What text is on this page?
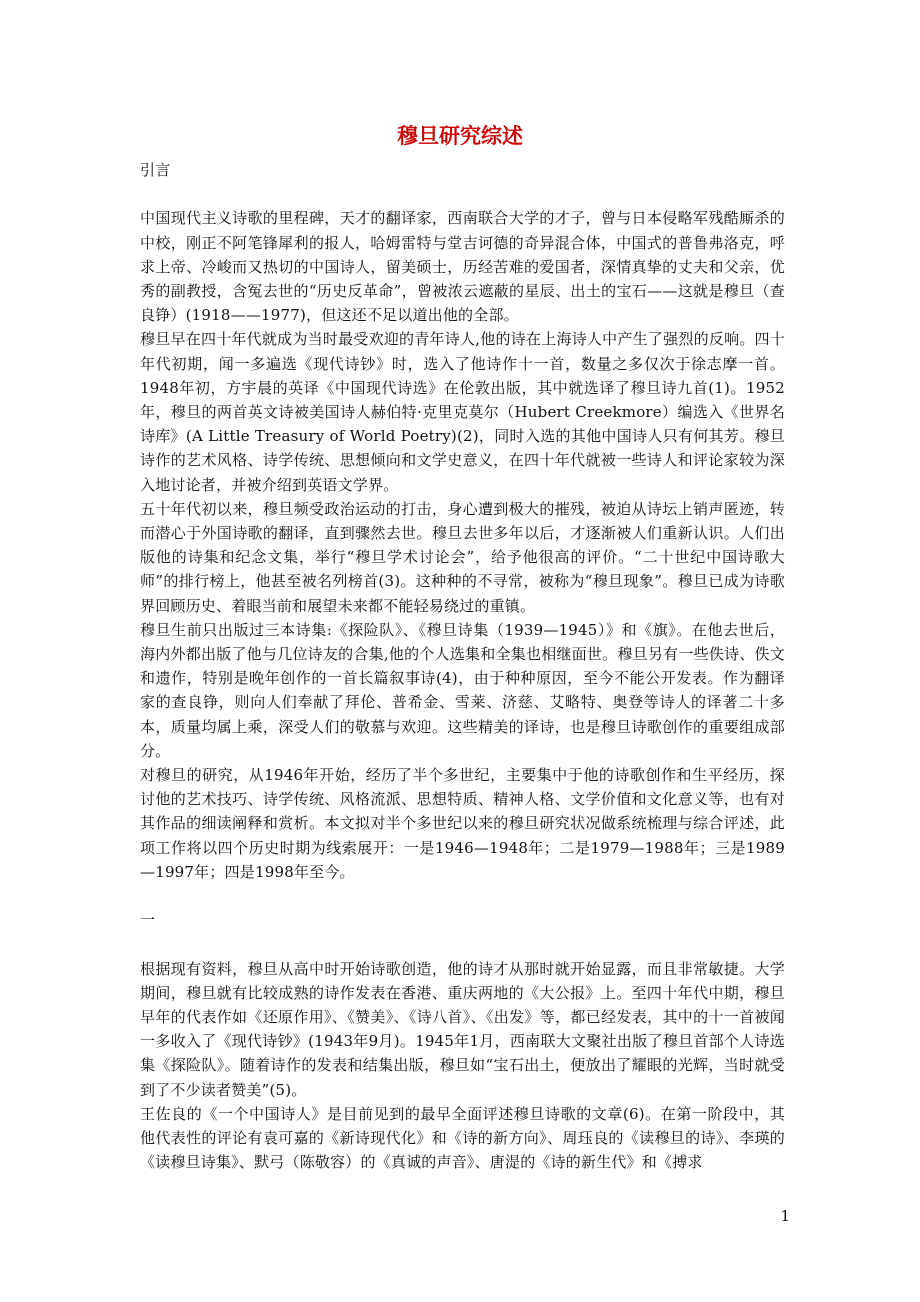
穆旦研究综述

引言

中国现代主义诗歌的里程碑，天才的翻译家，西南联合大学的才子，曾与日本侵略军残酷厮杀的中校，刚正不阿笔锋犀利的报人，哈姆雷特与堂吉诃德的奇异混合体，中国式的普鲁弗洛克，呼求上帝、冷峻而又热切的中国诗人，留美硕士，历经苦难的爱国者，深情真挚的丈夫和父亲，优秀的副教授，含冤去世的“历史反革命”，曾被浓云遮蔽的星辰、出土的宝石——这就是穆旦（查良铮）(1918——1977)，但这还不足以道出他的全部。

穆旦早在四十年代就成为当时最受欢迎的青年诗人,他的诗在上海诗人中产生了强烈的反响。四十年代初期，闻一多遍选《现代诗钞》时，选入了他诗作十一首，数量之多仅次于徐志摩一首。1948年初，方宇晨的英译《中国现代诗选》在伦敦出版，其中就选译了穆旦诗九首(1)。1952年，穆旦的两首英文诗被美国诗人赫伯特·克里克莫尔（Hubert Creekmore）编选入《世界名诗库》(A Little Treasury of World Poetry)(2)，同时入选的其他中国诗人只有何其芳。穆旦诗作的艺术风格、诗学传统、思想倾向和文学史意义，在四十年代就被一些诗人和评论家较为深入地讨论者，并被介绍到英语文学界。

五十年代初以来，穆旦频受政治运动的打击，身心遭到极大的摧残，被迫从诗坛上销声匿迹，转而潜心于外国诗歌的翻译，直到骤然去世。穆旦去世多年以后，才逐渐被人们重新认识。人们出版他的诗集和纪念文集，举行“穆旦学术讨论会”，给予他很高的评价。“二十世纪中国诗歌大师”的排行榜上，他甚至被名列榜首(3)。这种种的不寻常，被称为“穆旦现象”。穆旦已成为诗歌界回顾历史、着眼当前和展望未来都不能轻易绕过的重镇。

穆旦生前只出版过三本诗集:《探险队》、《穆旦诗集（1939—1945）》和《旗》。在他去世后，海内外都出版了他与几位诗友的合集,他的个人选集和全集也相继面世。穆旦另有一些佚诗、佚文和遗作，特别是晚年创作的一首长篇叙事诗(4)，由于种种原因，至今不能公开发表。作为翻译家的查良铮，则向人们奉献了拜伦、普希金、雪莱、济慈、艾略特、奥登等诗人的译著二十多本，质量均属上乘，深受人们的敬慕与欢迎。这些精美的译诗，也是穆旦诗歌创作的重要组成部分。

对穆旦的研究，从1946年开始，经历了半个多世纪，主要集中于他的诗歌创作和生平经历，探讨他的艺术技巧、诗学传统、风格流派、思想特质、精神人格、文学价值和文化意义等，也有对其作品的细读阐释和赏析。本文拟对半个多世纪以来的穆旦研究状况做系统梳理与综合评述，此项工作将以四个历史时期为线索展开：一是1946—1948年；二是1979—1988年；三是1989—1997年；四是1998年至今。

一

根据现有资料，穆旦从高中时开始诗歌创造，他的诗才从那时就开始显露，而且非常敏捷。大学期间，穆旦就有比较成熟的诗作发表在香港、重庆两地的《大公报》上。至四十年代中期，穆旦早年的代表作如《还原作用》、《赞美》、《诗八首》、《出发》等，都已经发表，其中的十一首被闻一多收入了《现代诗钞》(1943年9月)。1945年1月，西南联大文聚社出版了穆旦首部个人诗选集《探险队》。随着诗作的发表和结集出版，穆旦如“宝石出土，便放出了耀眼的光辉，当时就受到了不少读者赞美”(5)。

王佐良的《一个中国诗人》是目前见到的最早全面评述穆旦诗歌的文章(6)。在第一阶段中，其他代表性的评论有袁可嘉的《新诗现代化》和《诗的新方向》、周珏良的《读穆旦的诗》、李瑛的《读穆旦诗集》、默弓（陈敬容）的《真诚的声音》、唐湜的《诗的新生代》和《搏求

1
